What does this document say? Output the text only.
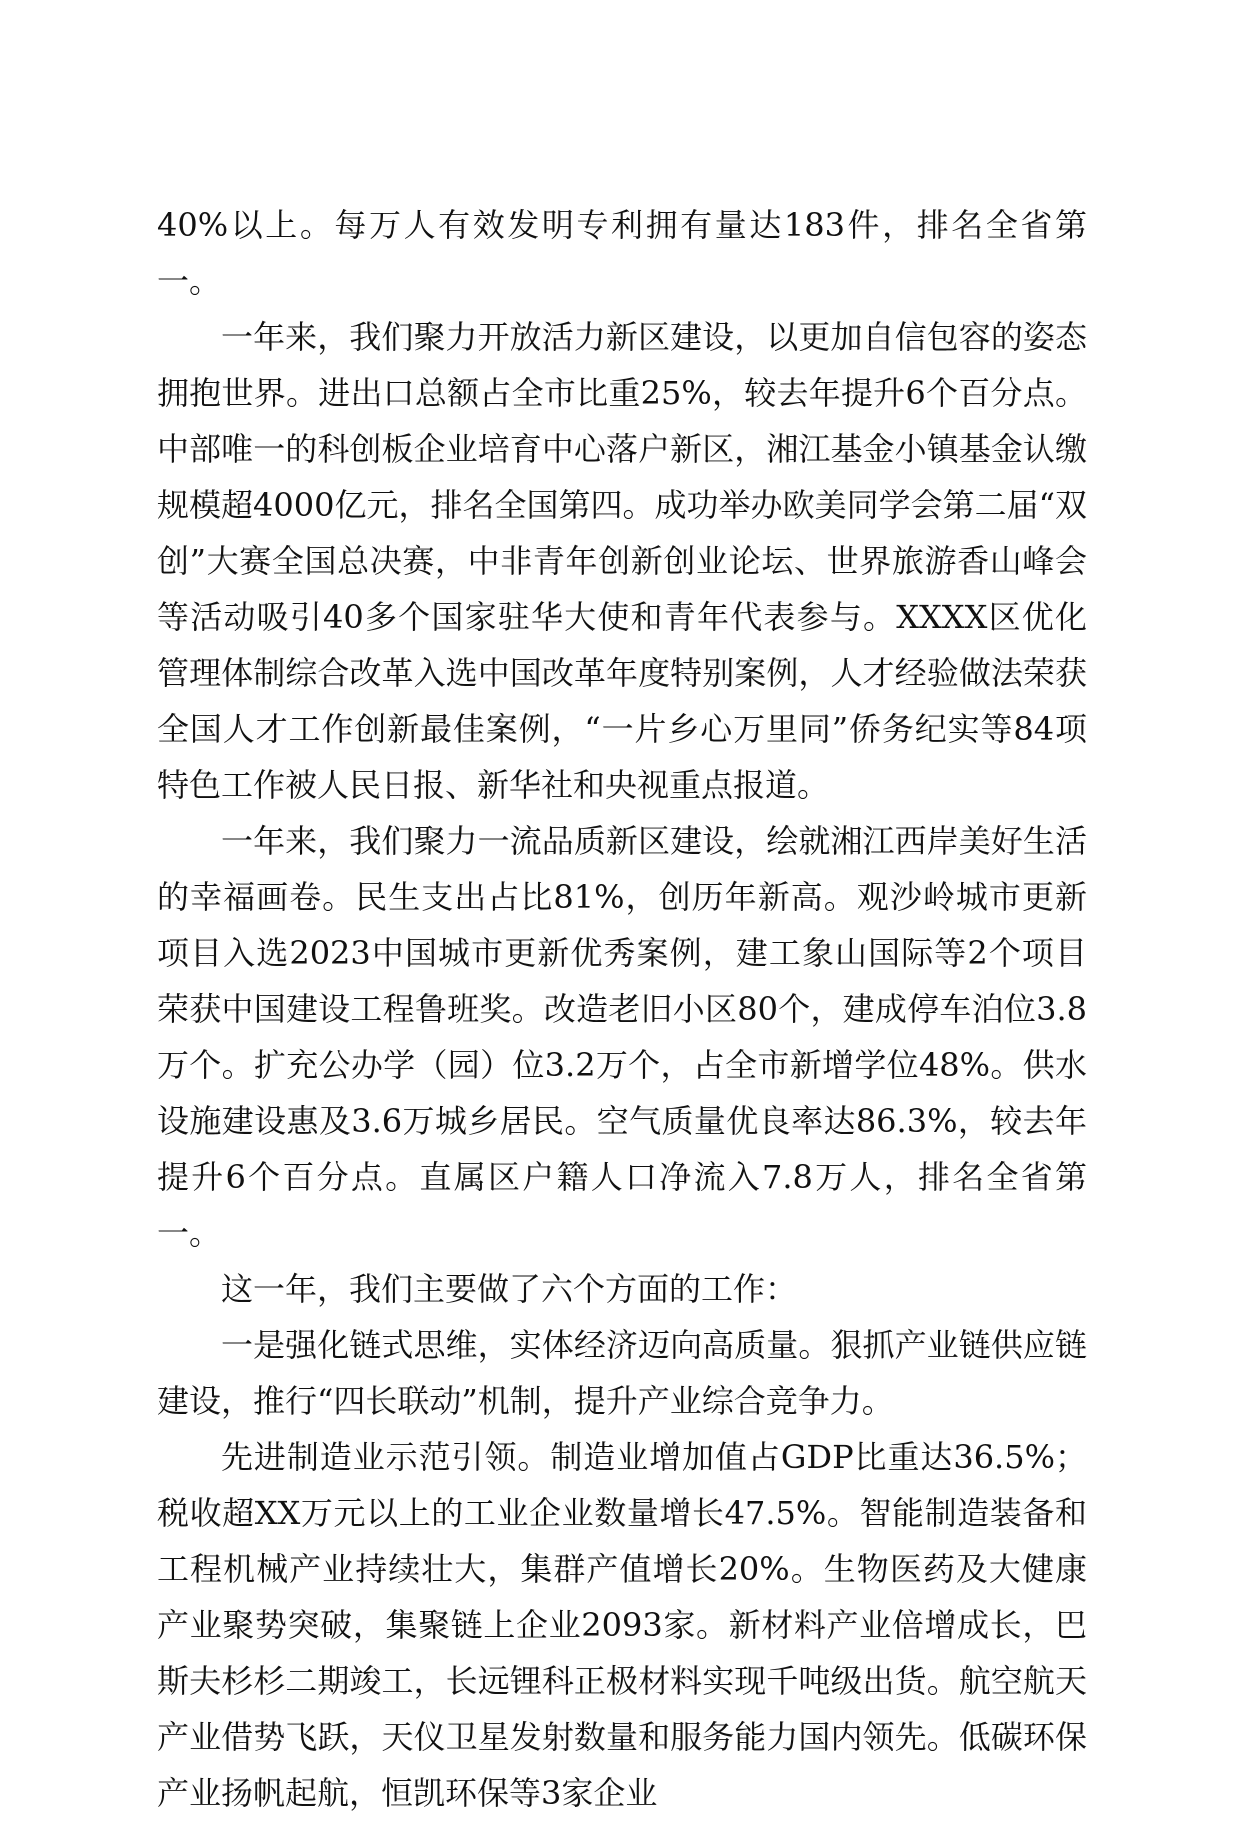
40%以上。每万人有效发明专利拥有量达183件，排名全省第一。

一年来，我们聚力开放活力新区建设，以更加自信包容的姿态拥抱世界。进出口总额占全市比重25%，较去年提升6个百分点。中部唯一的科创板企业培育中心落户新区，湘江基金小镇基金认缴规模超4000亿元，排名全国第四。成功举办欧美同学会第二届“双创”大赛全国总决赛，中非青年创新创业论坛、世界旅游香山峰会等活动吸引40多个国家驻华大使和青年代表参与。XXXX区优化管理体制综合改革入选中国改革年度特别案例，人才经验做法荣获全国人才工作创新最佳案例，“一片乡心万里同”侨务纪实等84项特色工作被人民日报、新华社和央视重点报道。

一年来，我们聚力一流品质新区建设，绘就湘江西岸美好生活的幸福画卷。民生支出占比81%，创历年新高。观沙岭城市更新项目入选2023中国城市更新优秀案例，建工象山国际等2个项目荣获中国建设工程鲁班奖。改造老旧小区80个，建成停车泊位3.8万个。扩充公办学（园）位3.2万个，占全市新增学位48%。供水设施建设惠及3.6万城乡居民。空气质量优良率达86.3%，较去年提升6个百分点。直属区户籍人口净流入7.8万人，排名全省第一。

这一年，我们主要做了六个方面的工作：

一是强化链式思维，实体经济迈向高质量。狠抓产业链供应链建设，推行“四长联动”机制，提升产业综合竞争力。

先进制造业示范引领。制造业增加值占GDP比重达36.5%；税收超XX万元以上的工业企业数量增长47.5%。智能制造装备和工程机械产业持续壮大，集群产值增长20%。生物医药及大健康产业聚势突破，集聚链上企业2093家。新材料产业倍增成长，巴斯夫杉杉二期竣工，长远锂科正极材料实现千吨级出货。航空航天产业借势飞跃，天仪卫星发射数量和服务能力国内领先。低碳环保产业扬帆起航，恒凯环保等3家企业
